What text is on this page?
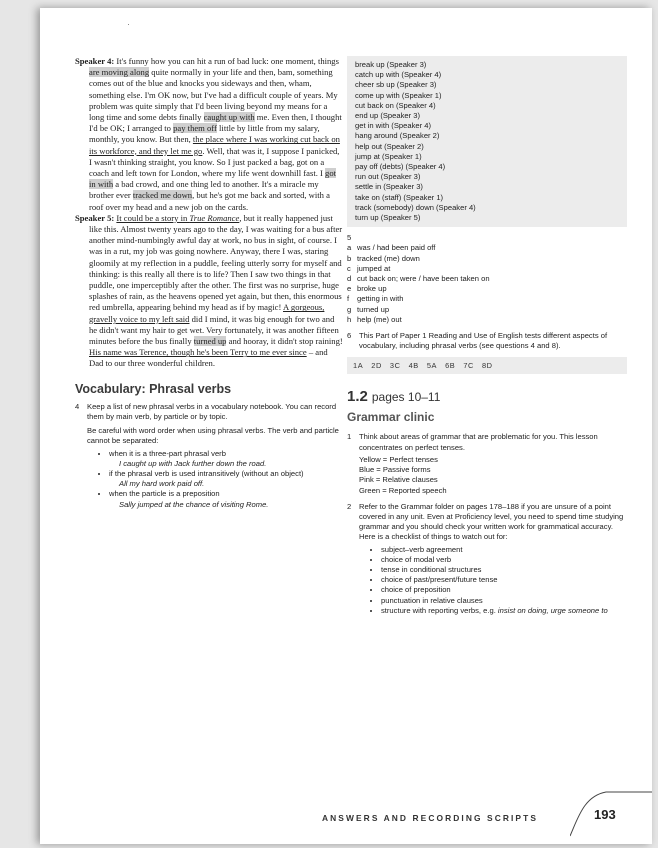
Speaker 4: It's funny how you can hit a run of bad luck: one moment, things are moving along quite normally in your life and then, bam, something comes out of the blue and knocks you sideways and then, wham, something else. I'm OK now, but I've had a difficult couple of years. My problem was quite simply that I'd been living beyond my means for a long time and some debts finally caught up with me. Even then, I thought I'd be OK; I arranged to pay them off little by little from my salary, monthly, you know. But then, the place where I was working cut back on its workforce, and they let me go. Well, that was it, I suppose I panicked, I wasn't thinking straight, you know. So I just packed a bag, got on a coach and left town for London, where my life went downhill fast. I got in with a bad crowd, and one thing led to another. It's a miracle my brother ever tracked me down, but he's got me back and sorted, with a roof over my head and a new job on the cards.

Speaker 5: It could be a story in True Romance, but it really happened just like this. Almost twenty years ago to the day, I was waiting for a bus after another mind-numbingly awful day at work, no bus in sight, of course. I was in a rut, my job was going nowhere. Anyway, there I was, staring gloomily at my reflection in a puddle, feeling utterly sorry for myself and thinking: is this really all there is to life? Then I saw two things in that puddle, one imperceptibly after the other. The first was no surprise, huge splashes of rain, as the heavens opened yet again, but then, this enormous red umbrella, appearing behind my head as if by magic! A gorgeous, gravelly voice to my left said did I mind, it was big enough for two and he didn't want my hair to get wet. Very fortunately, it was another fifteen minutes before the bus finally turned up and hooray, it didn't stop raining! His name was Terence, though he's been Terry to me ever since – and Dad to our three wonderful children.

Vocabulary: Phrasal verbs
4 Keep a list of new phrasal verbs in a vocabulary notebook. You can record them by main verb, by particle or by topic.

Be careful with word order when using phrasal verbs. The verb and particle cannot be separated:

• when it is a three-part phrasal verb
I caught up with Jack further down the road.
• if the phrasal verb is used intransitively (without an object)
All my hard work paid off.
• when the particle is a preposition
Sally jumped at the chance of visiting Rome.

break up (Speaker 3)

catch up with (Speaker 4)

cheer sb up (Speaker 3)

come up with (Speaker 1)

cut back on (Speaker 4)

end up (Speaker 3)

get in with (Speaker 4)

hang around (Speaker 2)

help out (Speaker 2)

jump at (Speaker 1)

pay off (debts) (Speaker 4)

run out (Speaker 3)

settle in (Speaker 3)

take on (staff) (Speaker 1)

track (somebody) down (Speaker 4)

turn up (Speaker 5)

5
a was / had been paid off
b tracked (me) down
c jumped at
d cut back on; were / have been taken on
e broke up
f	getting in with
g turned up
h help (me) out
6 This Part of Paper 1 Reading and Use of English tests different aspects of vocabulary, including phrasal verbs (see questions 4 and 8).

1A 2D 3C 4B 5A 6B 7C 8D
1.2 pages 10–11
Grammar clinic
1 Think about areas of grammar that are problematic for you. This lesson concentrates on perfect tenses.

Yellow = Perfect tenses
Blue = Passive forms
Pink = Relative clauses
Green = Reported speech
2 Refer to the Grammar folder on pages 178–188 if you are unsure of a point covered in any unit. Even at Proficiency level, you need to spend time studying grammar and you should check your written work for grammatical accuracy. Here is a checklist of things to watch out for:

• subject–verb agreement
• choice of modal verb
• tense in conditional structures
• choice of past/present/future tense
• choice of preposition
• punctuation in relative clauses
• structure with reporting verbs, e.g. insist on doing, urge someone to
ANSWERS AND RECORDING SCRIPTS	193
